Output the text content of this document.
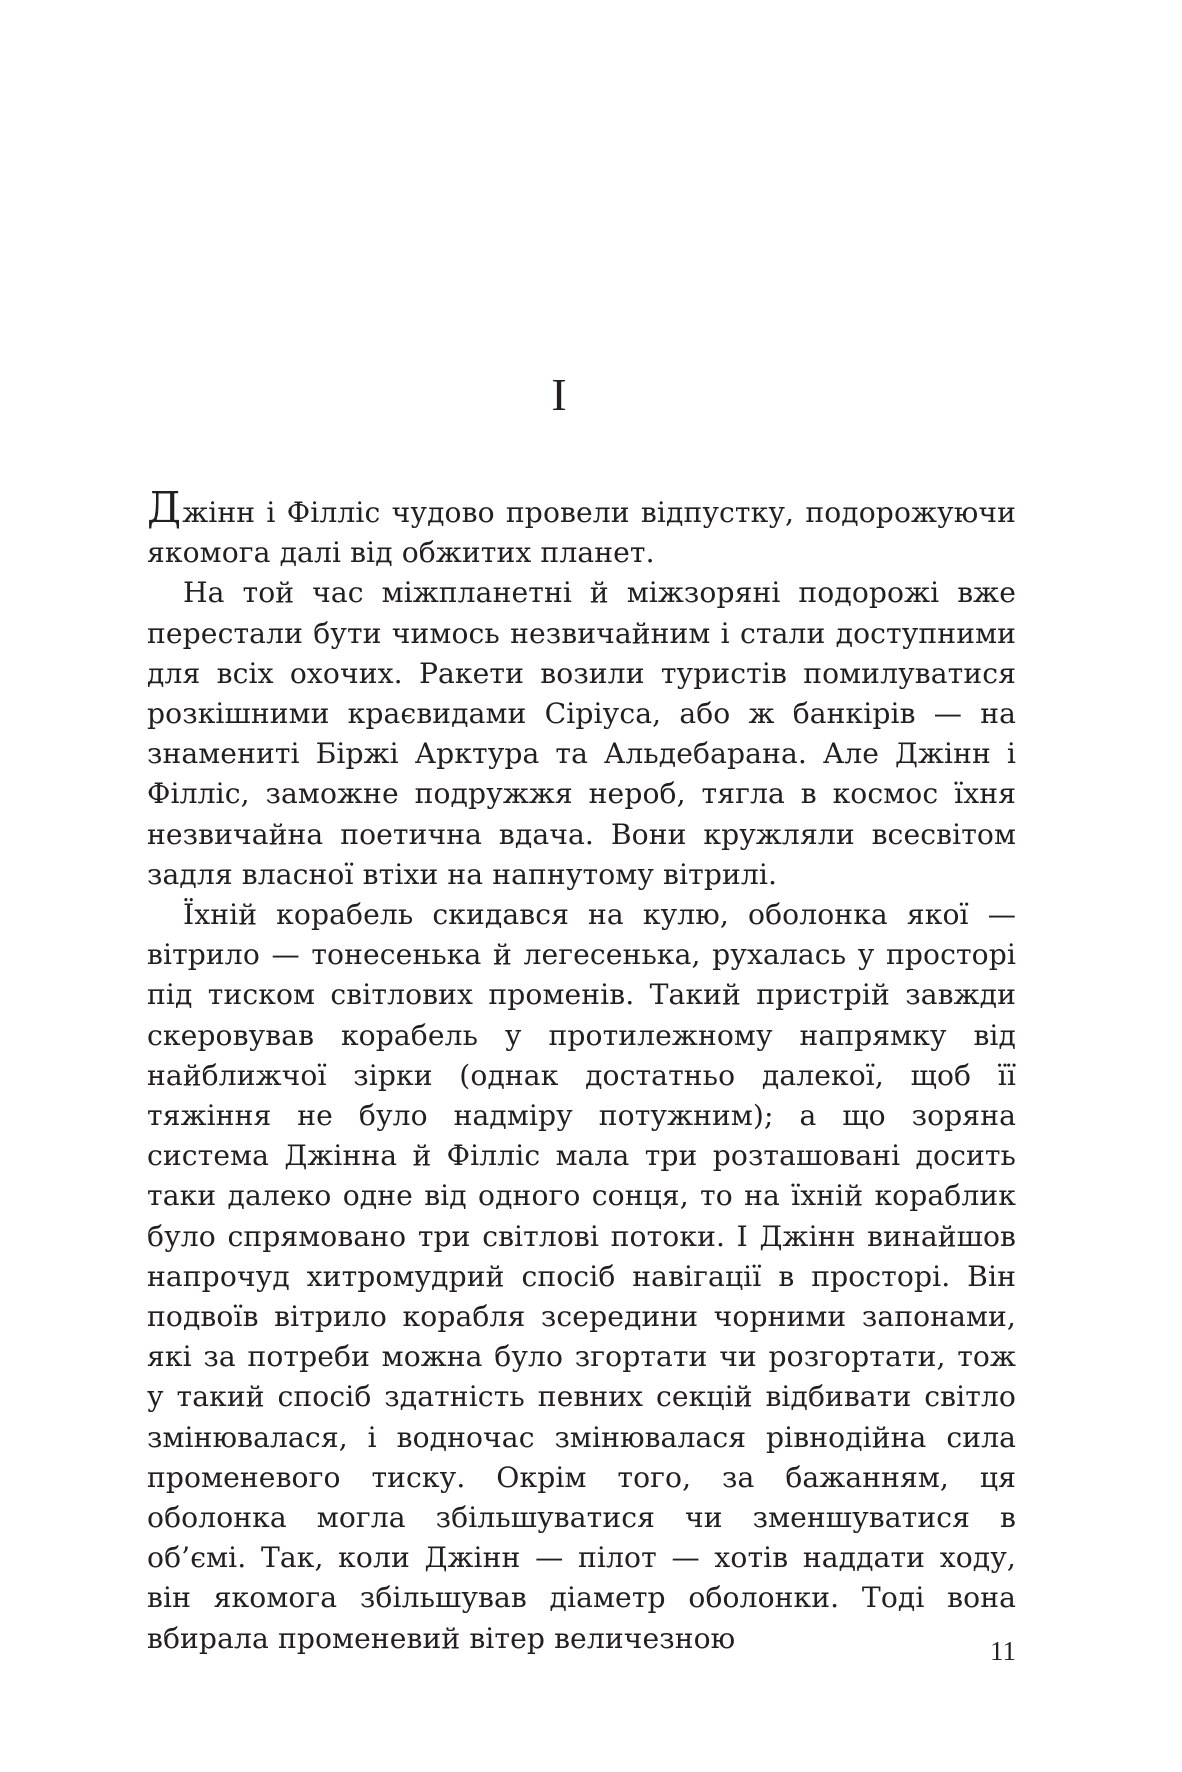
I

Джінн і Філліс чудово провели відпустку, подорожуючи якомога далі від обжитих планет.

На той час міжпланетні й міжзоряні подорожі вже перестали бути чимось незвичайним і стали доступними для всіх охочих. Ракети возили туристів помилуватися розкішними краєвидами Сіріуса, або ж банкірів — на знамениті Біржі Арктура та Альдебарана. Але Джінн і Філліс, заможне подружжя нероб, тягла в космос їхня незвичайна поетична вдача. Вони кружляли всесвітом задля власної втіхи на напнутому вітрилі.

Їхній корабель скидався на кулю, оболонка якої — вітрило — тонесенька й легесенька, рухалась у просторі під тиском світлових променів. Такий пристрій завжди скеровував корабель у протилежному напрямку від найближчої зірки (однак достатньо далекої, щоб її тяжіння не було надміру потужним); а що зоряна система Джінна й Філліс мала три розташовані досить таки далеко одне від одного сонця, то на їхній кораблик було спрямовано три світлові потоки. І Джінн винайшов напрочуд хитромудрий спосіб навігації в просторі. Він подвоїв вітрило корабля зсередини чорними запонами, які за потреби можна було згортати чи розгортати, тож у такий спосіб здатність певних секцій відбивати світло змінювалася, і водночас змінювалася рівнодійна сила променевого тиску. Окрім того, за бажанням, ця оболонка могла збільшуватися чи зменшуватися в об’ємі. Так, коли Джінн — пілот — хотів наддати ходу, він якомога збільшував діаметр оболонки. Тоді вона вбирала променевий вітер величезною	11
